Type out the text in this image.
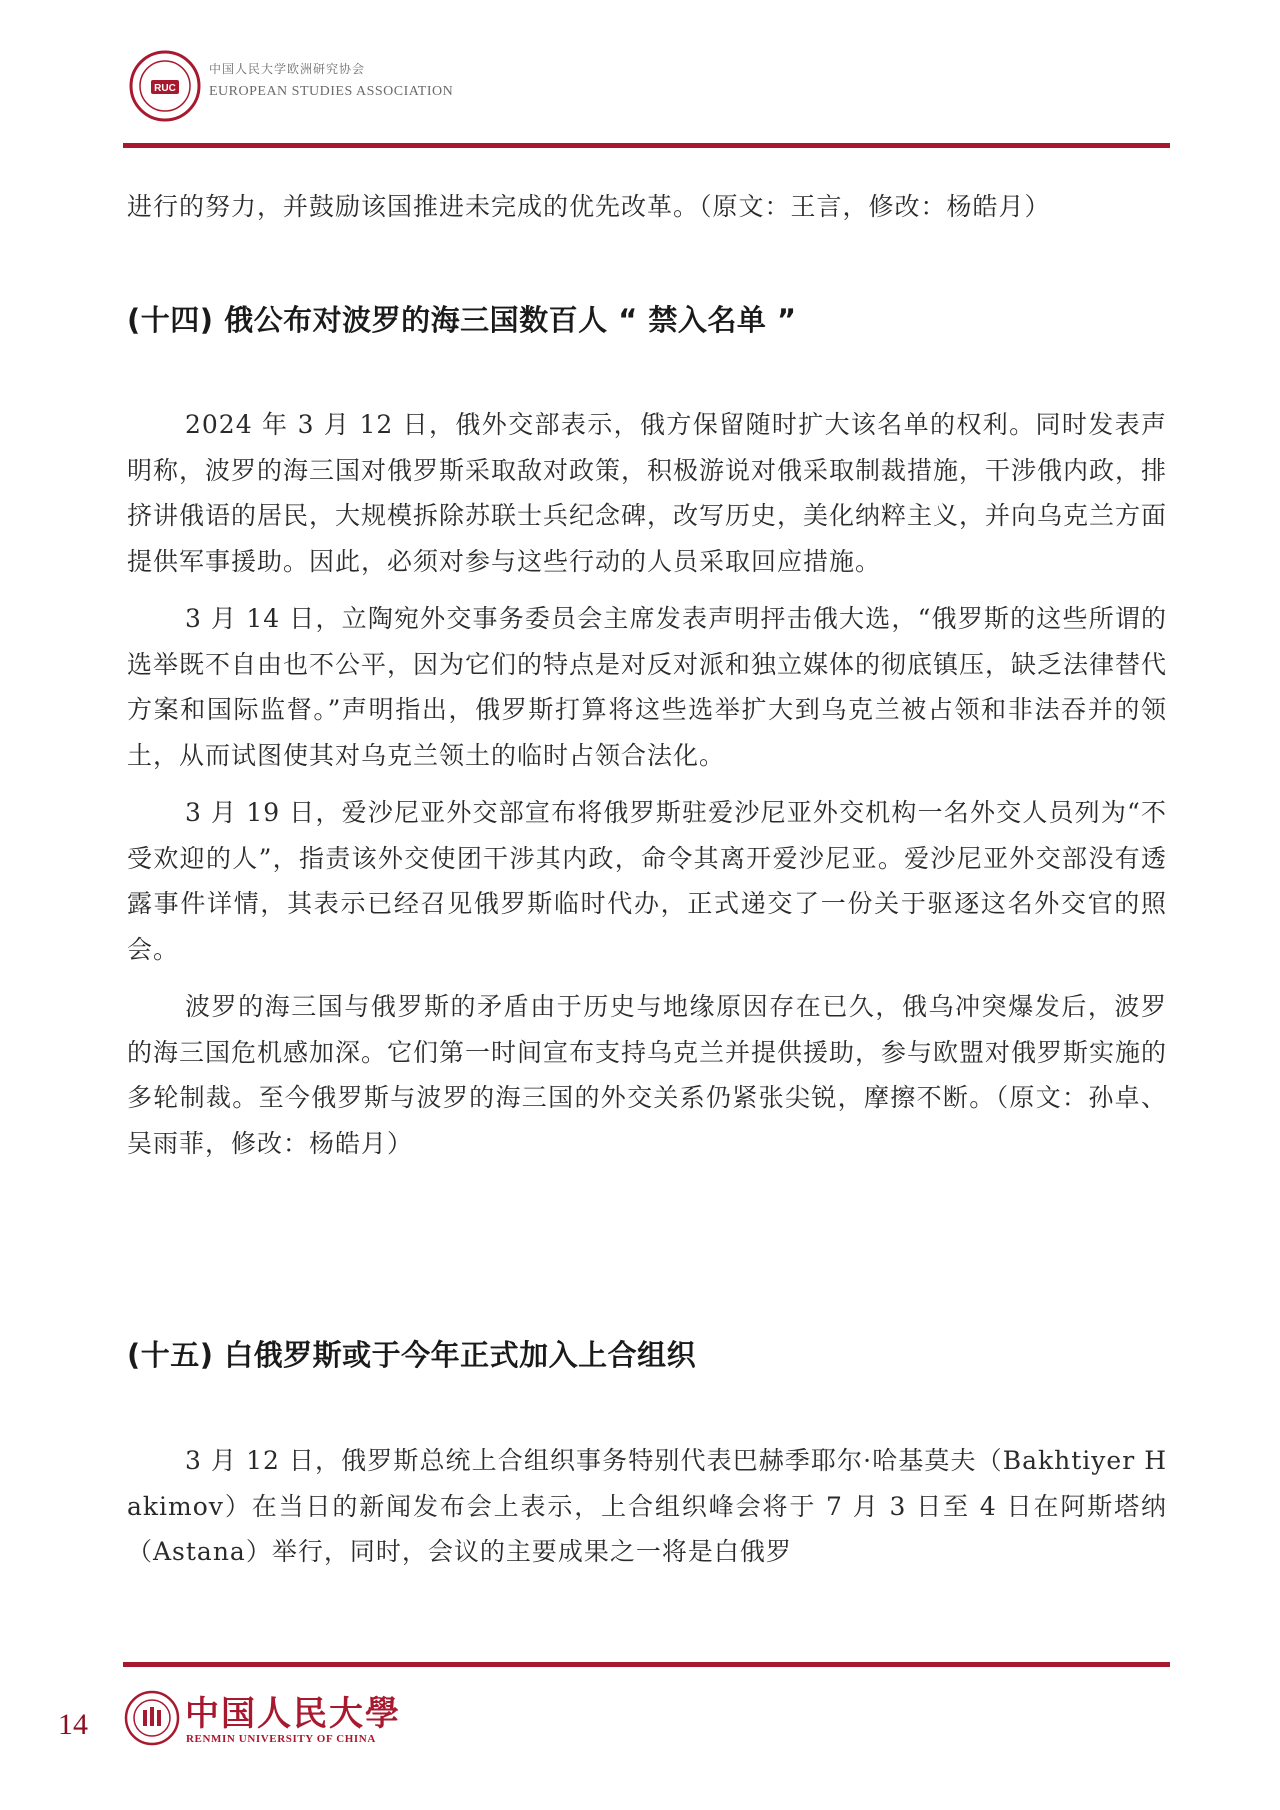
RUC
中国人民大学欧洲研究协会
EUROPEAN STUDIES ASSOCIATION

进行的努力，并鼓励该国推进未完成的优先改革。（原文：王言，修改：杨皓月）

(十四) 俄公布对波罗的海三国数百人 “ 禁入名单 ”

2024 年 3 月 12 日，俄外交部表示，俄方保留随时扩大该名单的权利。同时发表声明称，波罗的海三国对俄罗斯采取敌对政策，积极游说对俄采取制裁措施，干涉俄内政，排挤讲俄语的居民，大规模拆除苏联士兵纪念碑，改写历史，美化纳粹主义，并向乌克兰方面提供军事援助。因此，必须对参与这些行动的人员采取回应措施。

3 月 14 日，立陶宛外交事务委员会主席发表声明抨击俄大选，“俄罗斯的这些所谓的选举既不自由也不公平，因为它们的特点是对反对派和独立媒体的彻底镇压，缺乏法律替代方案和国际监督。”声明指出，俄罗斯打算将这些选举扩大到乌克兰被占领和非法吞并的领土，从而试图使其对乌克兰领土的临时占领合法化。

3 月 19 日，爱沙尼亚外交部宣布将俄罗斯驻爱沙尼亚外交机构一名外交人员列为“不受欢迎的人”，指责该外交使团干涉其内政，命令其离开爱沙尼亚。爱沙尼亚外交部没有透露事件详情，其表示已经召见俄罗斯临时代办，正式递交了一份关于驱逐这名外交官的照会。

波罗的海三国与俄罗斯的矛盾由于历史与地缘原因存在已久，俄乌冲突爆发后，波罗的海三国危机感加深。它们第一时间宣布支持乌克兰并提供援助，参与欧盟对俄罗斯实施的多轮制裁。至今俄罗斯与波罗的海三国的外交关系仍紧张尖锐，摩擦不断。（原文：孙卓、吴雨菲，修改：杨皓月）

(十五) 白俄罗斯或于今年正式加入上合组织

3 月 12 日，俄罗斯总统上合组织事务特别代表巴赫季耶尔·哈基莫夫（Bakhtiyer Hakimov）在当日的新闻发布会上表示，上合组织峰会将于 7 月 3 日至 4 日在阿斯塔纳（Astana）举行，同时，会议的主要成果之一将是白俄罗

14	中国人民大學
RENMIN UNIVERSITY OF CHINA
